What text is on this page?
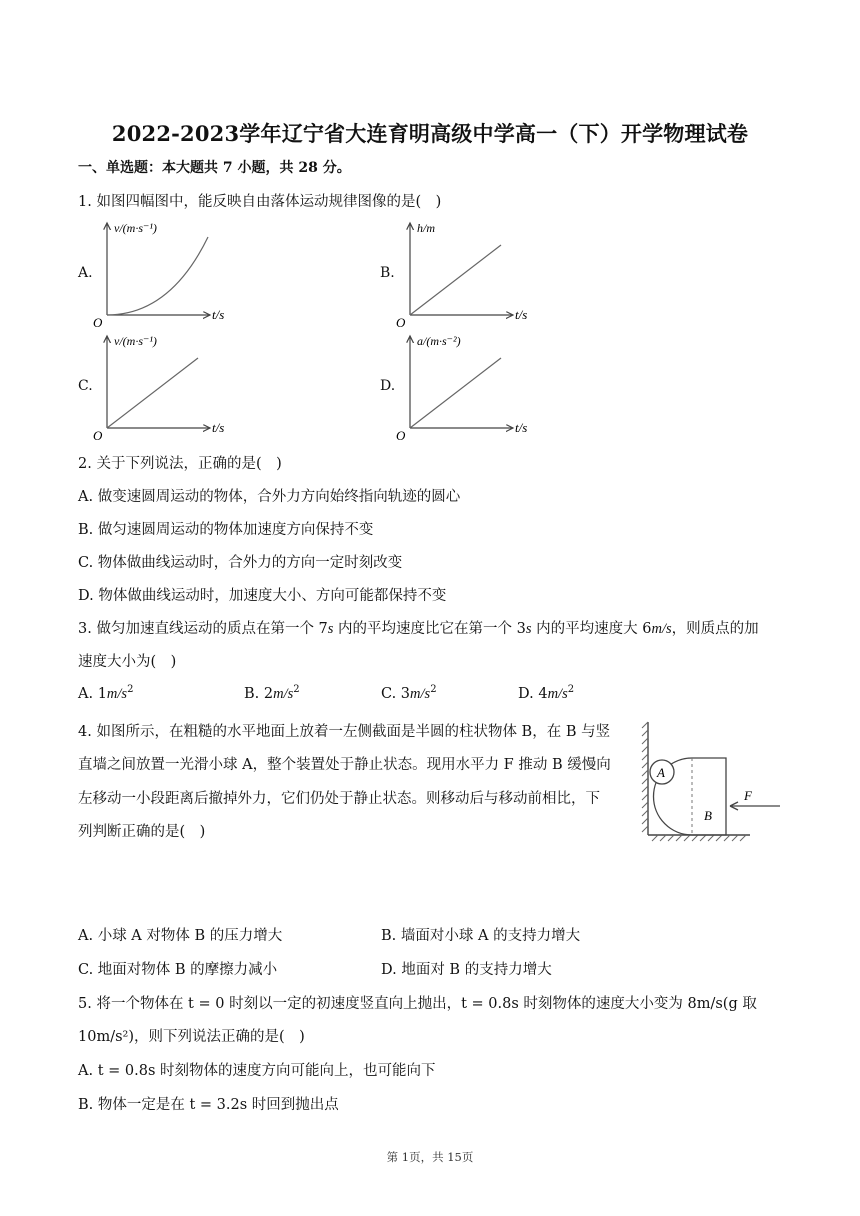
2022-2023学年辽宁省大连育明高级中学高一（下）开学物理试卷
一、单选题：本大题共 7 小题，共 28 分。
1. 如图四幅图中，能反映自由落体运动规律图像的是(　)
A.	B.
C.	D.
v/(m·s⁻¹)
t/s
O
h/m
t/s
O
v/(m·s⁻¹)
t/s
O
a/(m·s⁻²)
t/s
O
2. 关于下列说法，正确的是(　)
A. 做变速圆周运动的物体，合外力方向始终指向轨迹的圆心
B. 做匀速圆周运动的物体加速度方向保持不变
C. 物体做曲线运动时，合外力的方向一定时刻改变
D. 物体做曲线运动时，加速度大小、方向可能都保持不变
3. 做匀加速直线运动的质点在第一个 7s 内的平均速度比它在第一个 3s 内的平均速度大 6m/s，则质点的加
速度大小为(　)
A. $1m/s^2$	B. $2m/s^2$	C. $3m/s^2$	D. $4m/s^2$
4. 如图所示，在粗糙的水平地面上放着一左侧截面是半圆的柱状物体 B，在 B 与竖
直墙之间放置一光滑小球 A，整个装置处于静止状态。现用水平力 F 推动 B 缓慢向
左移动一小段距离后撤掉外力，它们仍处于静止状态。则移动后与移动前相比，下
列判断正确的是(　)
A
B
F
A. 小球 A 对物体 B 的压力增大	B. 墙面对小球 A 的支持力增大
C. 地面对物体 B 的摩擦力减小	D. 地面对 B 的支持力增大
5. 将一个物体在 t = 0 时刻以一定的初速度竖直向上抛出，t = 0.8s 时刻物体的速度大小变为 8m/s(g 取
10m/s²)，则下列说法正确的是(　)
A. t = 0.8s 时刻物体的速度方向可能向上，也可能向下
B. 物体一定是在 t = 3.2s 时回到抛出点
第 1页，共 15页
